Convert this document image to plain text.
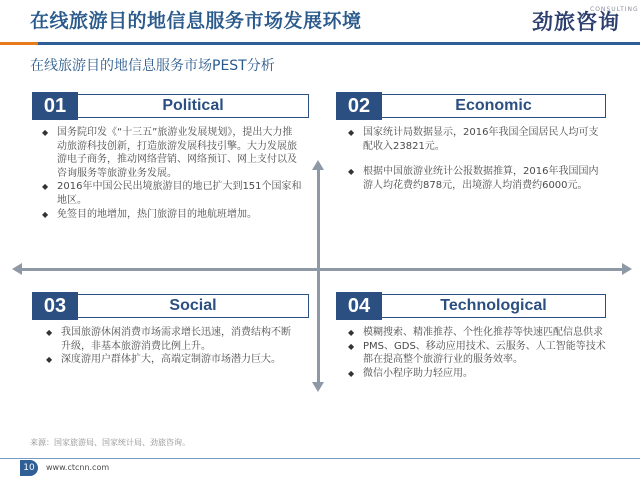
在线旅游目的地信息服务市场发展环境	劲旅咨询
CONSULTING
在线旅游目的地信息服务市场PEST分析
01	Political
◆ 国务院印发《“十三五”旅游业发展规划》，提出大力推动旅游科技创新，打造旅游发展科技引擎。大力发展旅游电子商务，推动网络营销、网络预订、网上支付以及咨询服务等旅游业务发展。
◆ 2016年中国公民出境旅游目的地已扩大到151个国家和地区。
◆ 免签目的地增加，热门旅游目的地航班增加。
02	Economic
◆ 国家统计局数据显示，2016年我国全国居民人均可支配收入23821元。
◆ 根据中国旅游业统计公报数据推算，2016年我国国内游人均花费约878元，出境游人均消费约6000元。
03	Social
◆ 我国旅游休闲消费市场需求增长迅速，消费结构不断升级，非基本旅游消费比例上升。
◆ 深度游用户群体扩大，高端定制游市场潜力巨大。
04	Technological
◆ 模糊搜索、精准推荐、个性化推荐等快速匹配信息供求
◆ PMS、GDS、移动应用技术、云服务、人工智能等技术都在提高整个旅游行业的服务效率。
◆ 微信小程序助力轻应用。
来源：国家旅游局、国家统计局、劲旅咨询。
10	www.ctcnn.com
